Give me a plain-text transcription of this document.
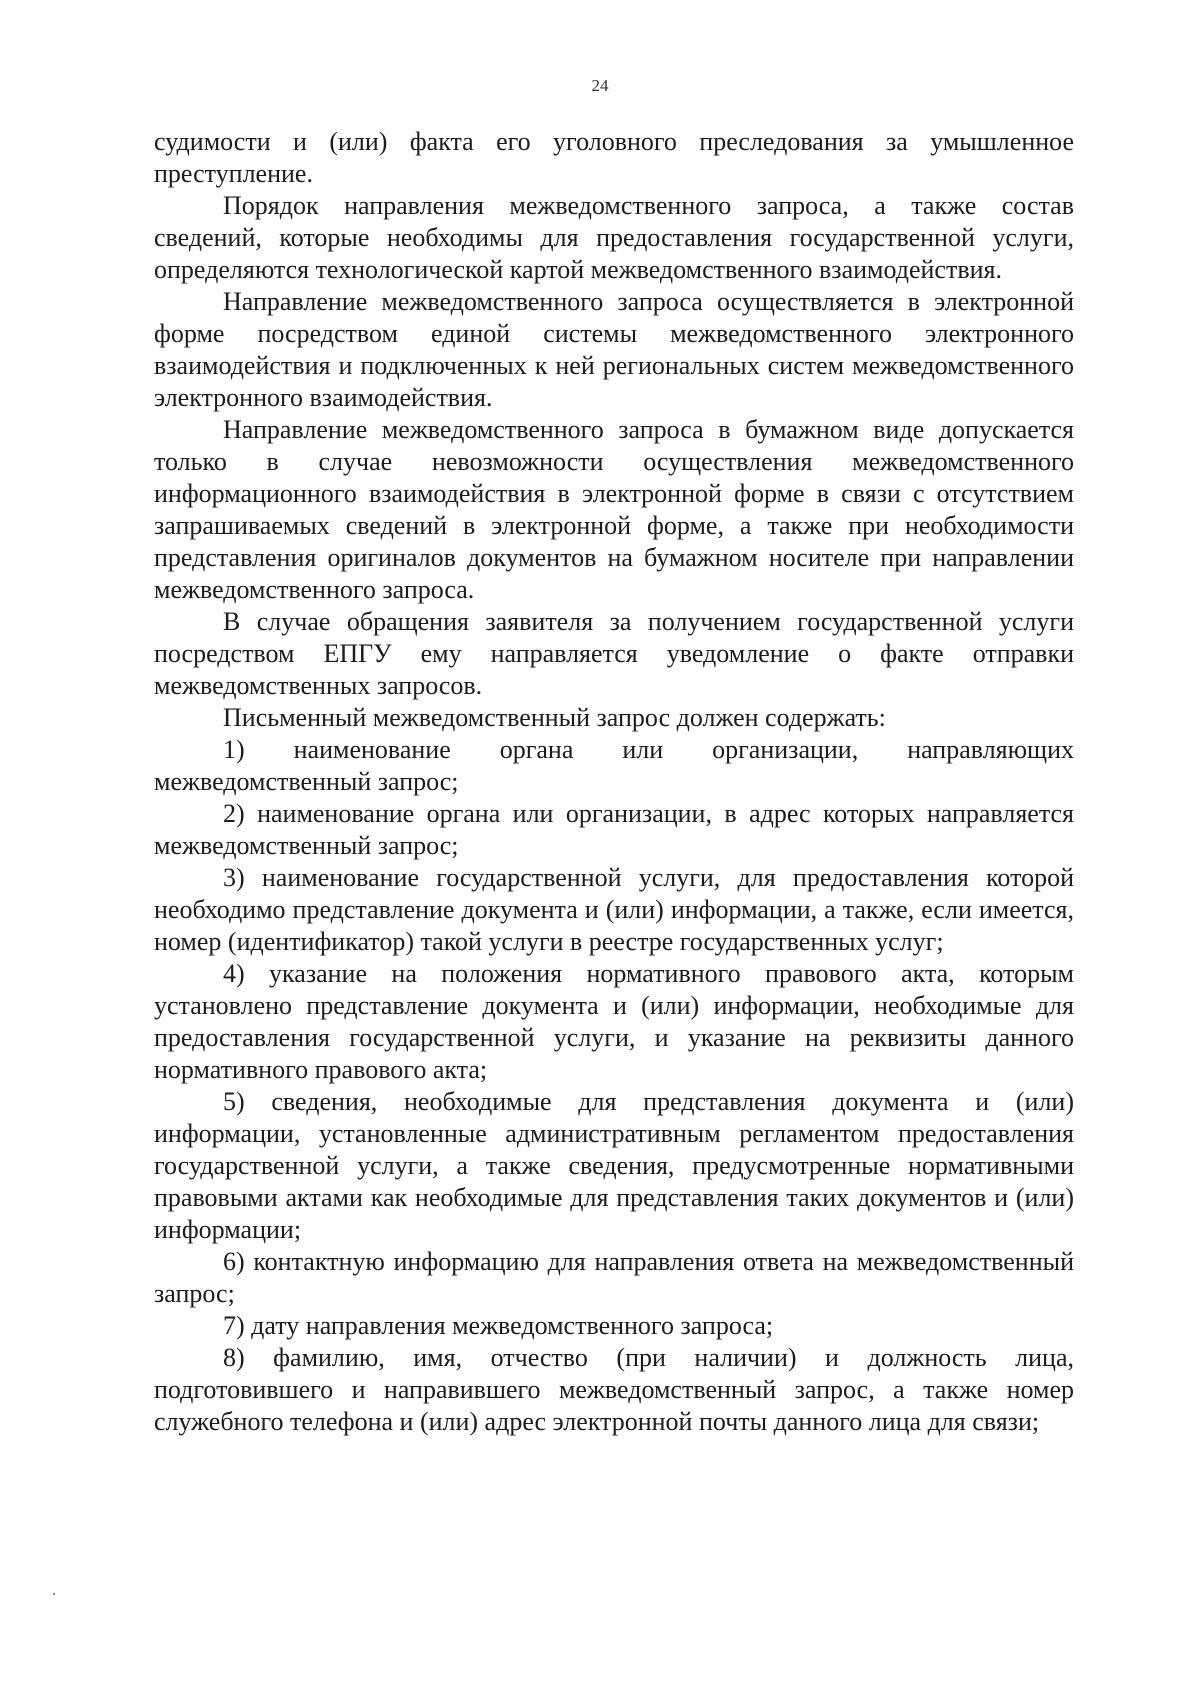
24

судимости и (или) факта его уголовного преследования за умышленное преступление.

Порядок направления межведомственного запроса, а также состав сведений, которые необходимы для предоставления государственной услуги, определяются технологической картой межведомственного взаимодействия.

Направление межведомственного запроса осуществляется в электронной форме посредством единой системы межведомственного электронного взаимодействия и подключенных к ней региональных систем межведомственного электронного взаимодействия.

Направление межведомственного запроса в бумажном виде допускается только в случае невозможности осуществления межведомственного информационного взаимодействия в электронной форме в связи с отсутствием запрашиваемых сведений в электронной форме, а также при необходимости представления оригиналов документов на бумажном носителе при направлении межведомственного запроса.

В случае обращения заявителя за получением государственной услуги посредством ЕПГУ ему направляется уведомление о факте отправки межведомственных запросов.

Письменный межведомственный запрос должен содержать:

1) наименование органа или организации, направляющих межведомственный запрос;

2) наименование органа или организации, в адрес которых направляется межведомственный запрос;

3) наименование государственной услуги, для предоставления которой необходимо представление документа и (или) информации, а также, если имеется, номер (идентификатор) такой услуги в реестре государственных услуг;

4) указание на положения нормативного правового акта, которым установлено представление документа и (или) информации, необходимые для предоставления государственной услуги, и указание на реквизиты данного нормативного правового акта;

5) сведения, необходимые для представления документа и (или) информации, установленные административным регламентом предоставления государственной услуги, а также сведения, предусмотренные нормативными правовыми актами как необходимые для представления таких документов и (или) информации;

6) контактную информацию для направления ответа на межведомственный запрос;

7) дату направления межведомственного запроса;

8) фамилию, имя, отчество (при наличии) и должность лица, подготовившего и направившего межведомственный запрос, а также номер служебного телефона и (или) адрес электронной почты данного лица для связи;
